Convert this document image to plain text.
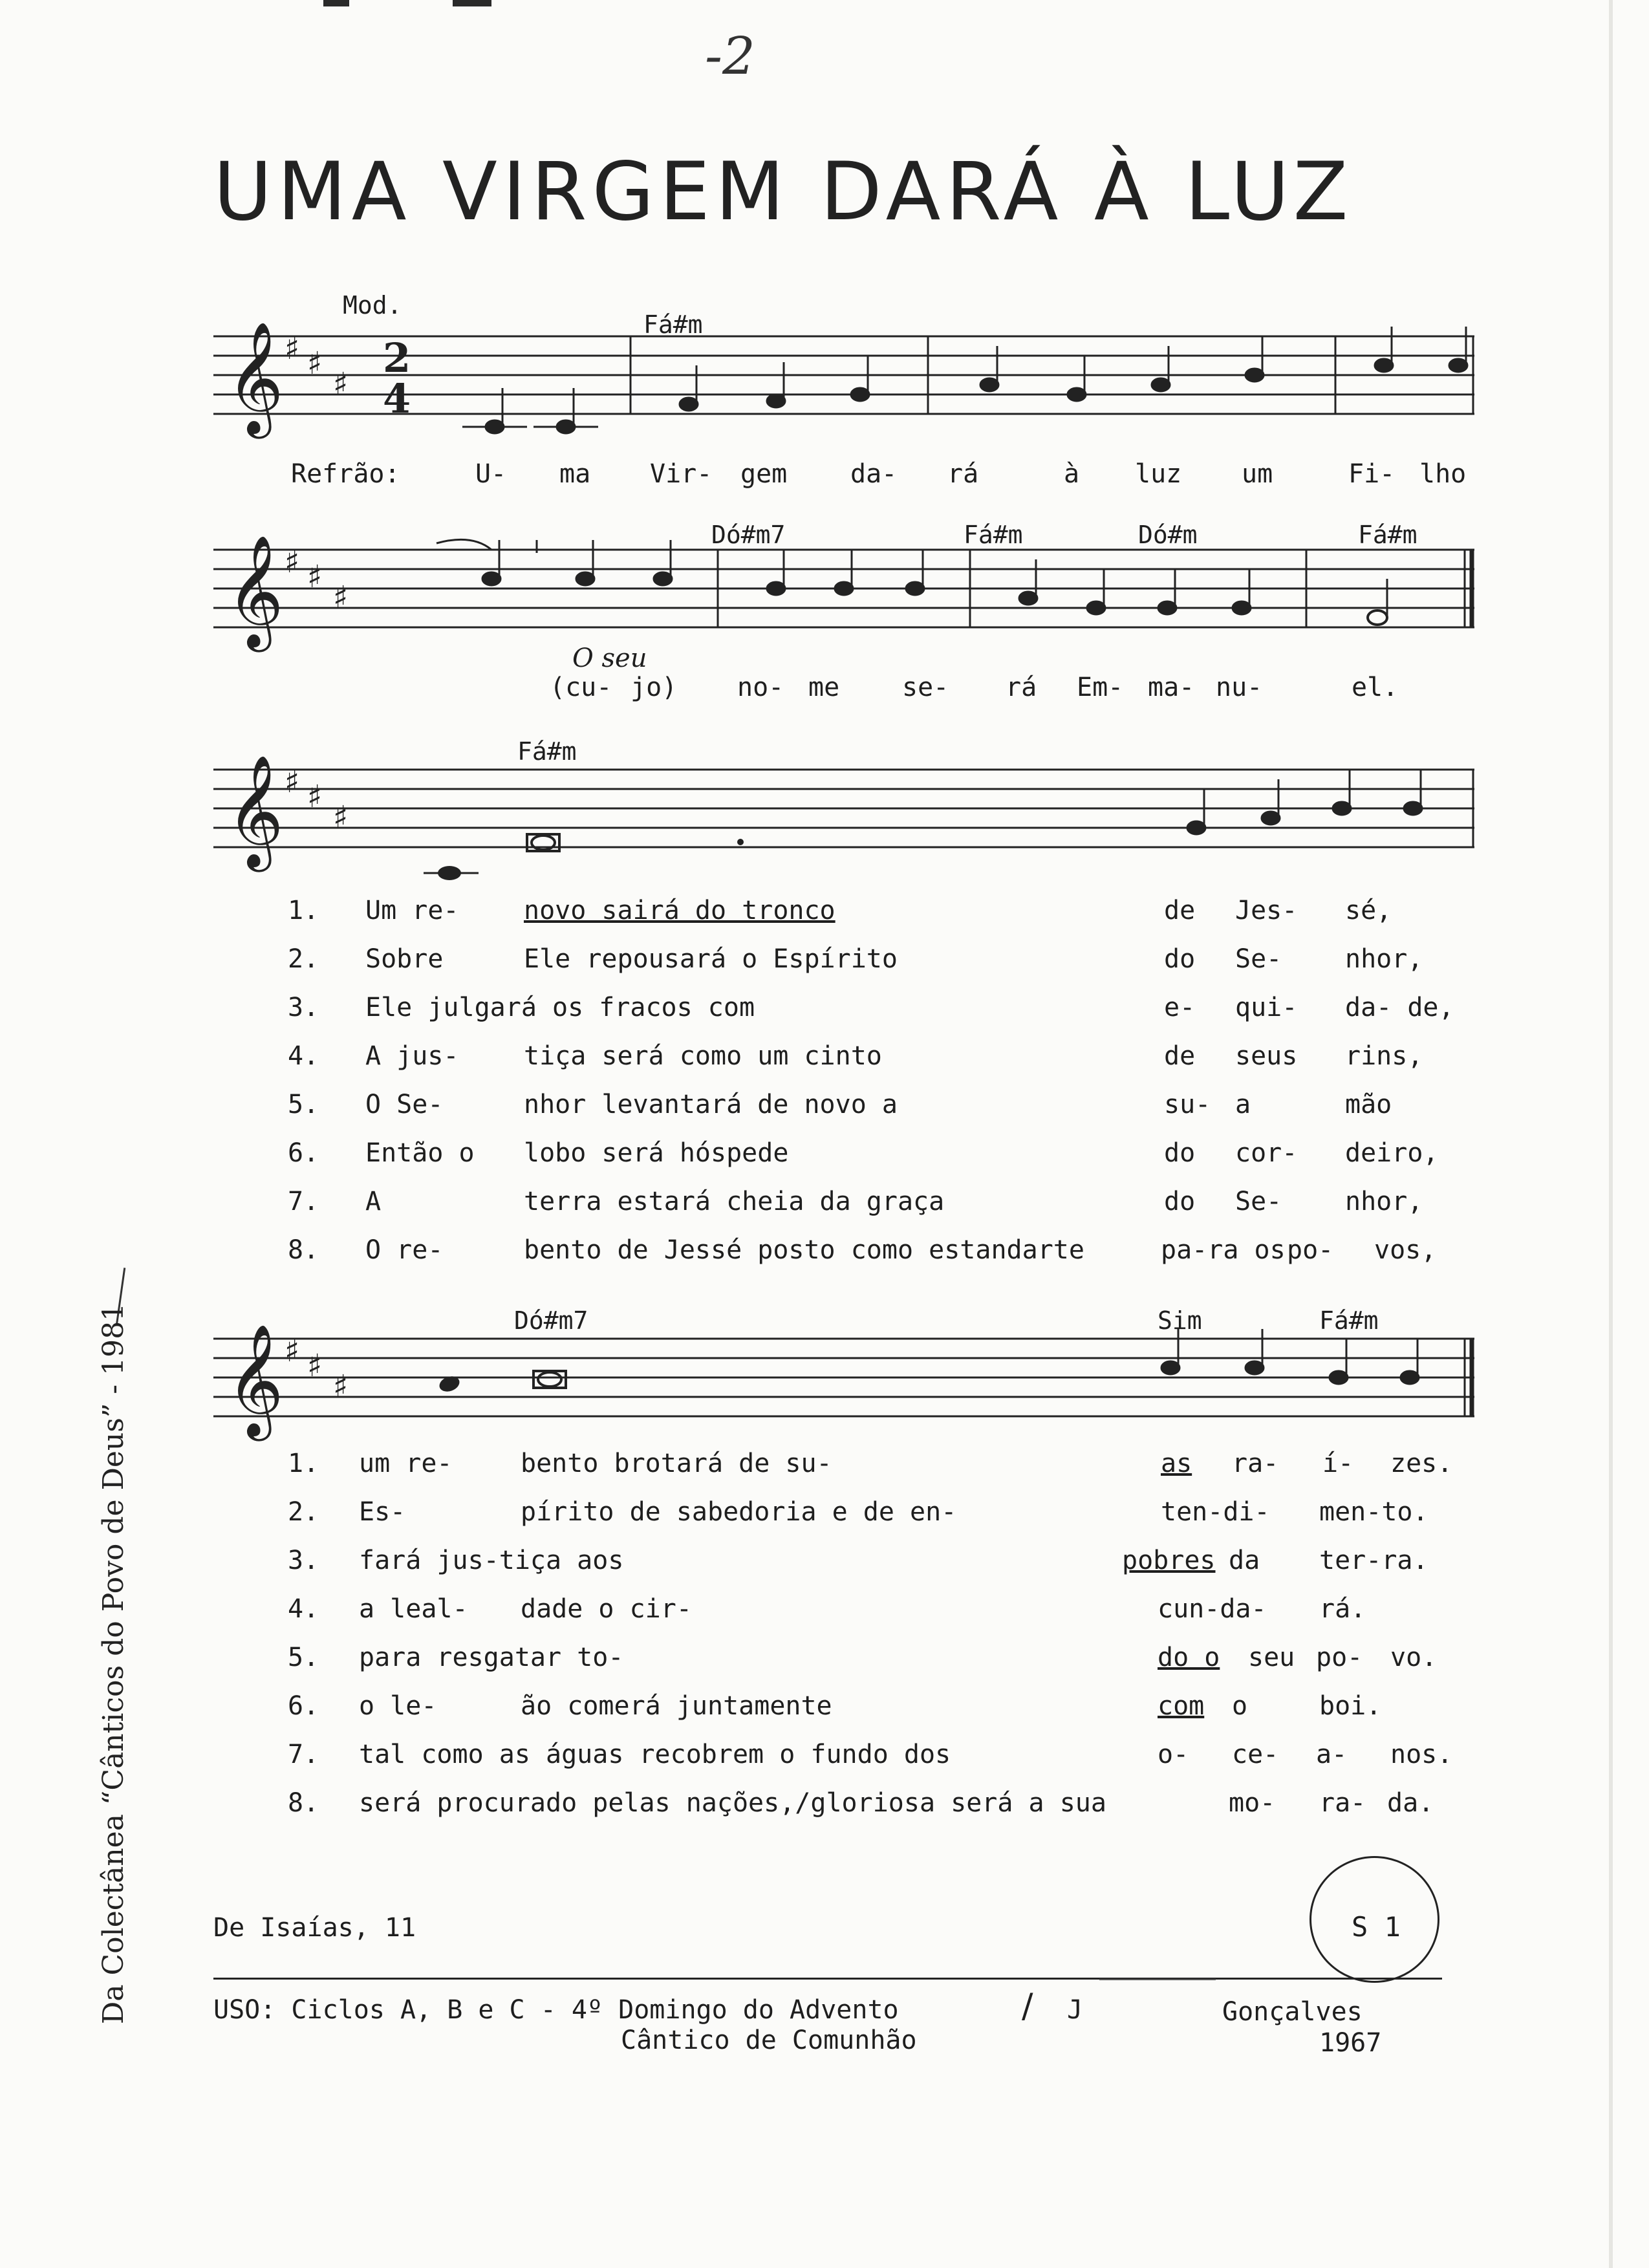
-2
UMA VIRGEM DARÁ À LUZ
Mod.
Fá#m
𝄞 ♯ ♯
♯
2
4
Refrão:	U- ma Vir- gem da- rá	à luz um	Fi- lho
Dó#m7	Fá#m	Dó#m	Fá#m
𝄞 ♯ ♯
♯
O seu
(cu- jo) no- me se- rá Em- ma- nu-	el.
Fá#m
𝄞 ♯ ♯
♯
1. Um re-	novo sairá do tronco	de Jes- sé,
2. Sobre	Ele repousará o Espírito	do Se- nhor,
3. Ele julgará os fracos com	e- qui- da- de,
4. A jus-	tiça será como um cinto	de seus rins,
5. O Se-	nhor levantará de novo a	su- a	mão
6. Então o lobo será hóspede	do cor- deiro,
7. A	terra estará cheia da graça	do Se- nhor,
8. O re-	bento de Jessé posto como estandarte	pa-ra os po- vos,
Dó#m7	Sim	Fá#m
𝄞 ♯ ♯
♯
1. um re-	bento brotará de su-	as ra- í- zes.
2. Es-	pírito de sabedoria e de en-	ten-di- men-to.
3. fará jus-tiça aos	pobres da ter-ra.
4. a leal- dade o cir-	cun-da- rá.
5. para resgatar to-	do o seu po- vo.
6. o le-	ão comerá juntamente	com o	boi.
7. tal como as águas recobrem o fundo dos	o- ce- a- nos.
8. será procurado pelas nações,/gloriosa será a sua	mo- ra- da.
De Isaías, 11	S 1
USO: Ciclos A, B e C - 4º Domingo do Advento	/ J
Cântico de Comunhão
Gonçalves
1967
Da Colectânea “Cânticos do Povo de Deus” - 1981
